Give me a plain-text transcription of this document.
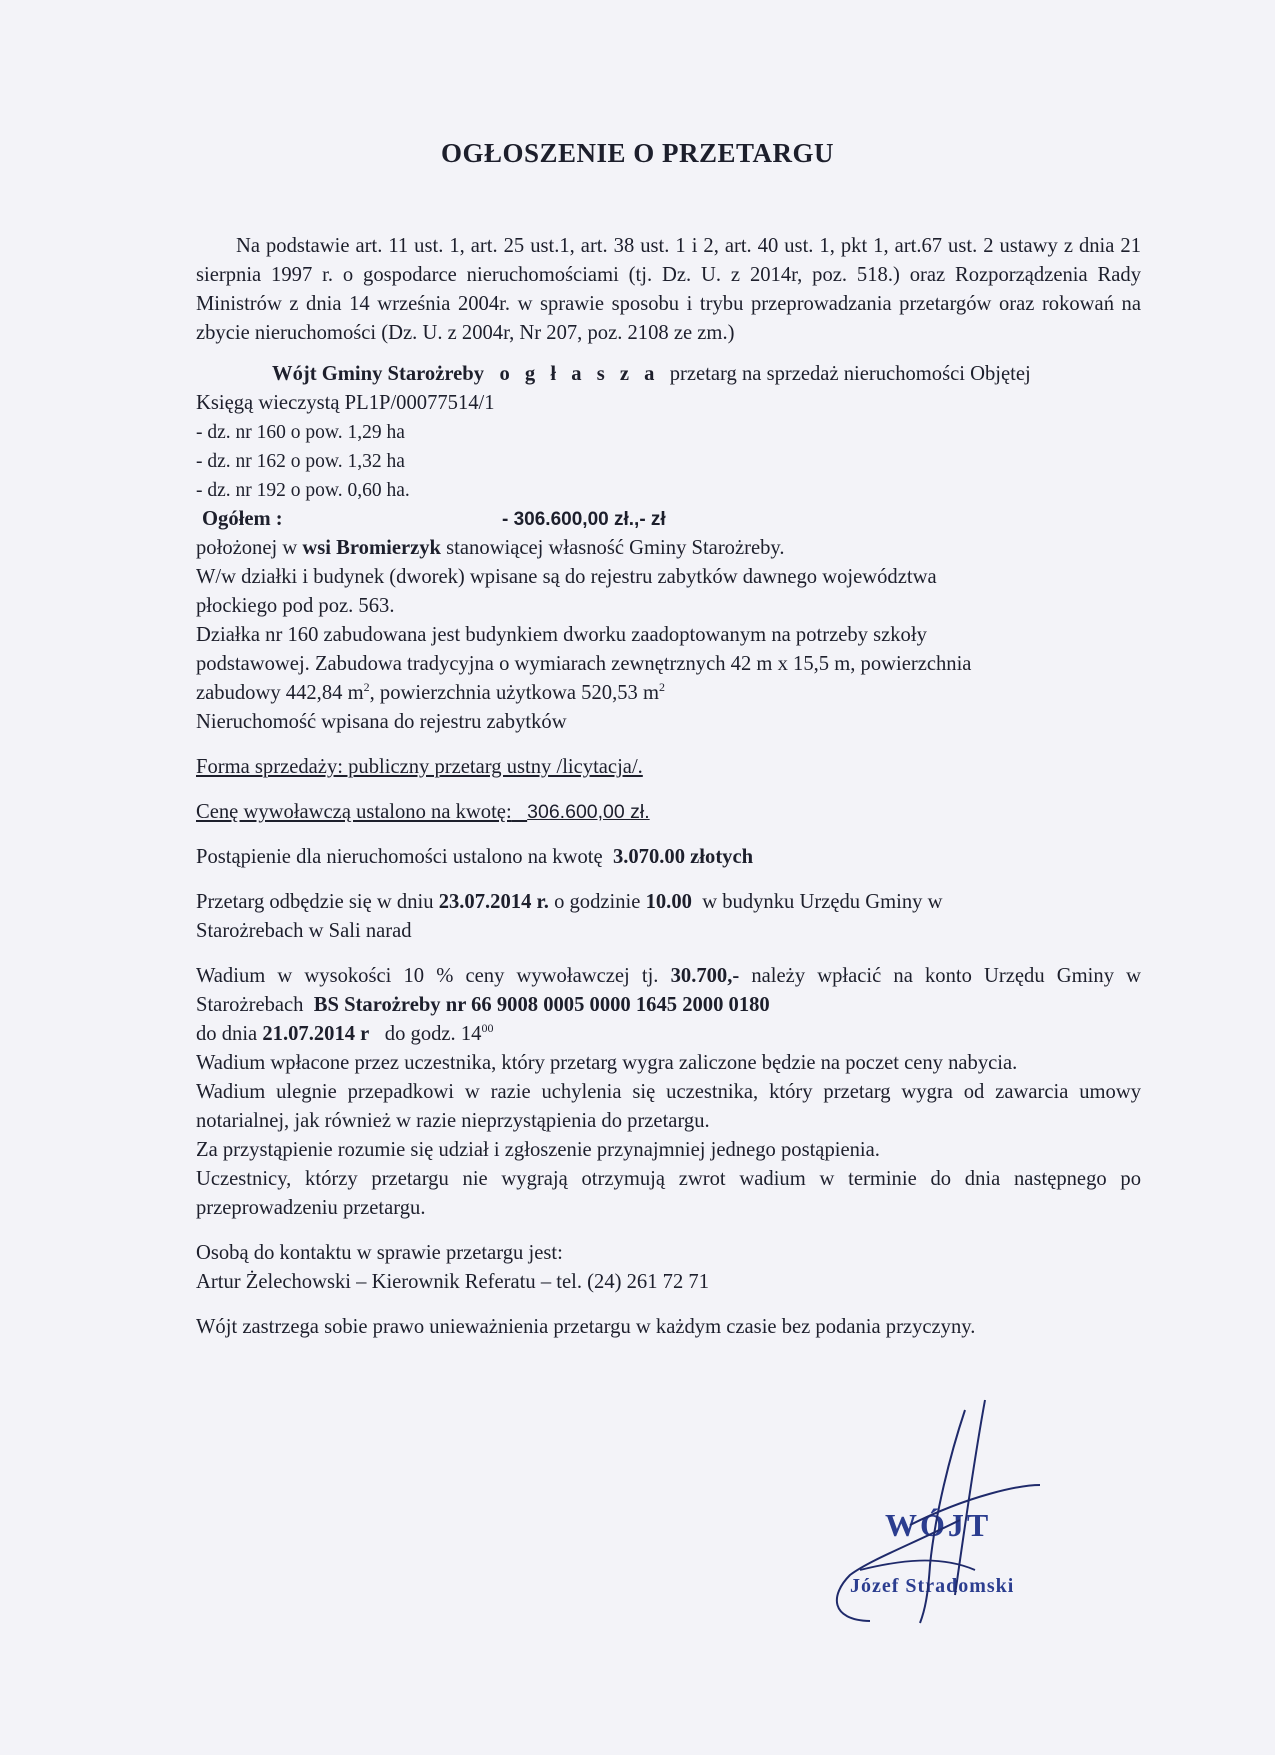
OGŁOSZENIE O PRZETARGU

Na podstawie art. 11 ust. 1, art. 25 ust.1, art. 38 ust. 1 i 2, art. 40 ust. 1, pkt 1, art.67 ust. 2 ustawy z dnia 21 sierpnia 1997 r. o gospodarce nieruchomościami (tj. Dz. U. z 2014r, poz. 518.) oraz Rozporządzenia Rady Ministrów z dnia 14 września 2004r. w sprawie sposobu i trybu przeprowadzania przetargów oraz rokowań na zbycie nieruchomości (Dz. U. z 2004r, Nr 207, poz. 2108 ze zm.)

Wójt Gminy Starożreby o g ł a s z a przetarg na sprzedaż nieruchomości Objętej

Księgą wieczystą PL1P/00077514/1

- dz. nr 160 o pow. 1,29 ha

- dz. nr 162 o pow. 1,32 ha

- dz. nr 192 o pow. 0,60 ha.

Ogółem :	- 306.600,00 zł.,- zł

położonej w wsi Bromierzyk stanowiącej własność Gminy Starożreby.

W/w działki i budynek (dworek) wpisane są do rejestru zabytków dawnego województwa

płockiego pod poz. 563.

Działka nr 160 zabudowana jest budynkiem dworku zaadoptowanym na potrzeby szkoły

podstawowej. Zabudowa tradycyjna o wymiarach zewnętrznych 42 m x 15,5 m, powierzchnia

zabudowy 442,84 $m^2$, powierzchnia użytkowa 520,53 $m^2$

Nieruchomość wpisana do rejestru zabytków

Forma sprzedaży: publiczny przetarg ustny /licytacja/.

Cenę wywoławczą ustalono na kwotę: 306.600,00 zł.

Postąpienie dla nieruchomości ustalono na kwotę 3.070.00 złotych

Przetarg odbędzie się w dniu 23.07.2014 r. o godzinie 10.00 w budynku Urzędu Gminy w

Starożrebach w Sali narad

Wadium w wysokości 10 % ceny wywoławczej tj. 30.700,- należy wpłacić na konto Urzędu Gminy w Starożrebach BS Starożreby nr 66 9008 0005 0000 1645 2000 0180

do dnia 21.07.2014 r do godz. $14^{00}$

Wadium wpłacone przez uczestnika, który przetarg wygra zaliczone będzie na poczet ceny nabycia.

Wadium ulegnie przepadkowi w razie uchylenia się uczestnika, który przetarg wygra od zawarcia umowy notarialnej, jak również w razie nieprzystąpienia do przetargu.

Za przystąpienie rozumie się udział i zgłoszenie przynajmniej jednego postąpienia.

Uczestnicy, którzy przetargu nie wygrają otrzymują zwrot wadium w terminie do dnia następnego po przeprowadzeniu przetargu.

Osobą do kontaktu w sprawie przetargu jest:

Artur Żelechowski – Kierownik Referatu – tel. (24) 261 72 71

Wójt zastrzega sobie prawo unieważnienia przetargu w każdym czasie bez podania przyczyny.

WÓJT
Józef Stradomski
